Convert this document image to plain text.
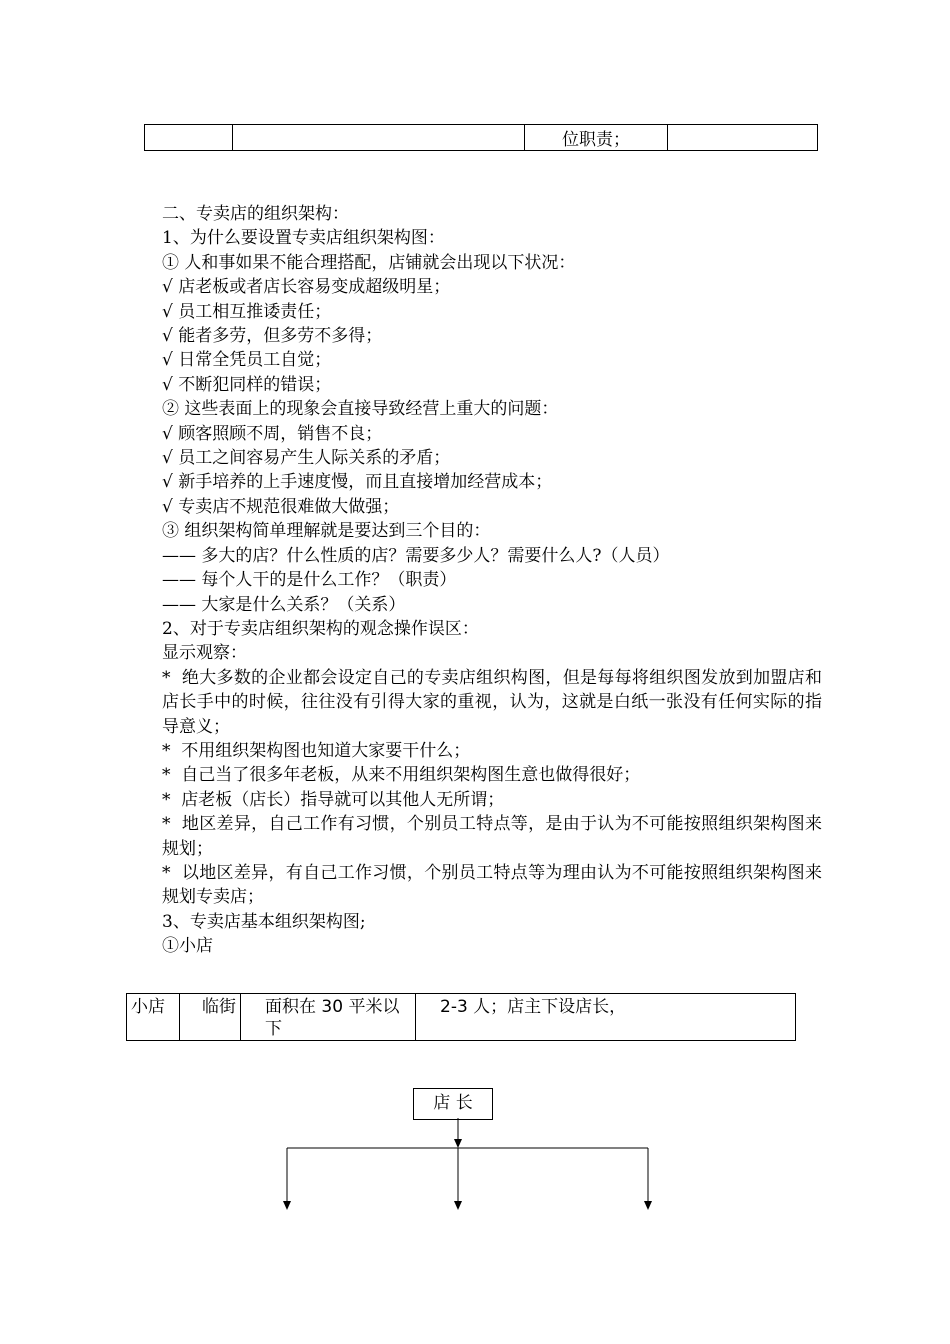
		位职责；	
二、专卖店的组织架构：
1、为什么要设置专卖店组织架构图：
① 人和事如果不能合理搭配，店铺就会出现以下状况：
√ 店老板或者店长容易变成超级明星；
√ 员工相互推诿责任；
√ 能者多劳，但多劳不多得；
√ 日常全凭员工自觉；
√ 不断犯同样的错误；
② 这些表面上的现象会直接导致经营上重大的问题：
√ 顾客照顾不周，销售不良；
√ 员工之间容易产生人际关系的矛盾；
√ 新手培养的上手速度慢，而且直接增加经营成本；
√ 专卖店不规范很难做大做强；
③ 组织架构简单理解就是要达到三个目的：
—— 多大的店？什么性质的店？需要多少人？需要什么人?（人员）
—— 每个人干的是什么工作？（职责）
—— 大家是什么关系？（关系）
2、对于专卖店组织架构的观念操作误区：
显示观察：
*  绝大多数的企业都会设定自己的专卖店组织构图，但是每每将组织图发放到加盟店和店长手中的时候，往往没有引得大家的重视，认为，这就是白纸一张没有任何实际的指导意义；
*  不用组织架构图也知道大家要干什么；
*  自己当了很多年老板，从来不用组织架构图生意也做得很好；
*  店老板（店长）指导就可以其他人无所谓；
*  地区差异，自己工作有习惯，个别员工特点等，是由于认为不可能按照组织架构图来规划；
*  以地区差异，有自己工作习惯，个别员工特点等为理由认为不可能按照组织架构图来规划专卖店；
3、专卖店基本组织架构图;
①小店
小店	临街	面积在 30 平米以下	2-3 人；店主下设店长，
店 长
